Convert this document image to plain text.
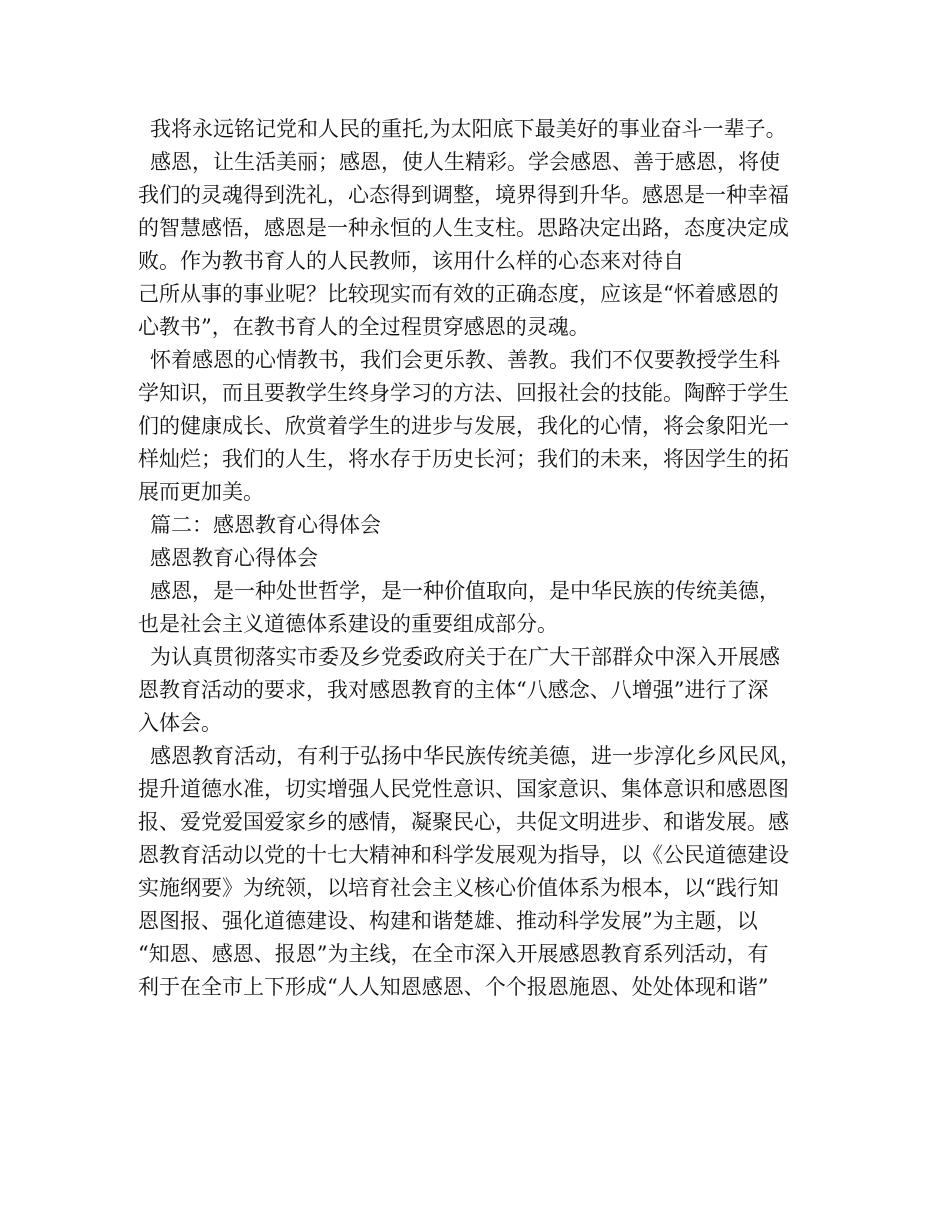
我将永远铭记党和人民的重托,为太阳底下最美好的事业奋斗一辈子。
感恩，让生活美丽；感恩，使人生精彩。学会感恩、善于感恩，将使
我们的灵魂得到洗礼，心态得到调整，境界得到升华。感恩是一种幸福
的智慧感悟，感恩是一种永恒的人生支柱。思路决定出路，态度决定成
败。作为教书育人的人民教师，该用什么样的心态来对待自
己所从事的事业呢？比较现实而有效的正确态度，应该是“怀着感恩的
心教书”，在教书育人的全过程贯穿感恩的灵魂。
怀着感恩的心情教书，我们会更乐教、善教。我们不仅要教授学生科
学知识，而且要教学生终身学习的方法、回报社会的技能。陶醉于学生
们的健康成长、欣赏着学生的进步与发展，我化的心情，将会象阳光一
样灿烂；我们的人生，将水存于历史长河；我们的未来，将因学生的拓
展而更加美。
篇二：感恩教育心得体会
感恩教育心得体会
感恩，是一种处世哲学，是一种价值取向，是中华民族的传统美德，
也是社会主义道德体系建设的重要组成部分。
为认真贯彻落实市委及乡党委政府关于在广大干部群众中深入开展感
恩教育活动的要求，我对感恩教育的主体“八感念、八增强”进行了深
入体会。
感恩教育活动，有利于弘扬中华民族传统美德，进一步淳化乡风民风，
提升道德水准，切实增强人民党性意识、国家意识、集体意识和感恩图
报、爱党爱国爱家乡的感情，凝聚民心，共促文明进步、和谐发展。感
恩教育活动以党的十七大精神和科学发展观为指导，以《公民道德建设
实施纲要》为统领，以培育社会主义核心价值体系为根本，以“践行知
恩图报、强化道德建设、构建和谐楚雄、推动科学发展”为主题，以
“知恩、感恩、报恩”为主线，在全市深入开展感恩教育系列活动，有
利于在全市上下形成“人人知恩感恩、个个报恩施恩、处处体现和谐”
